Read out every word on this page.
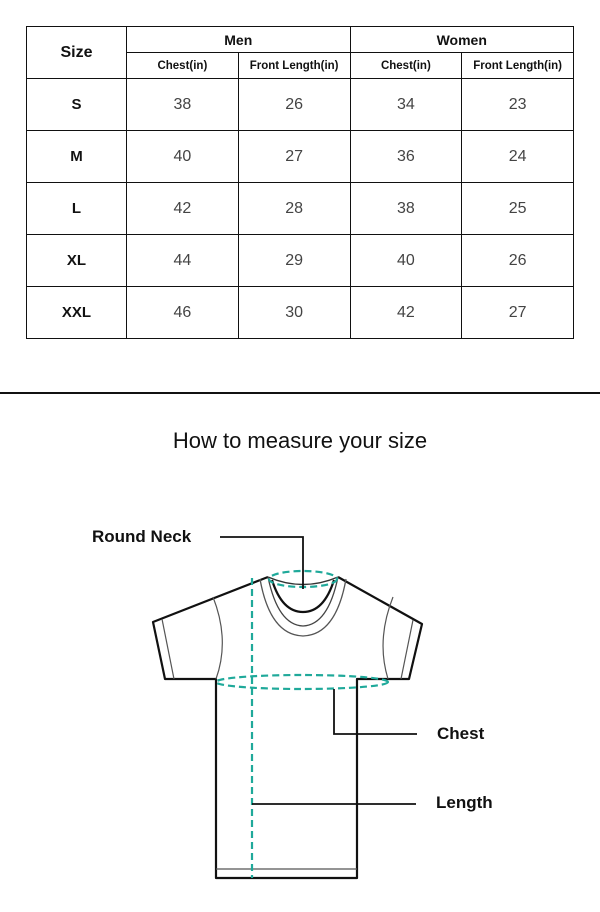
Size	Men		Women	
	Chest(in)	Front Length(in)	Chest(in)	Front Length(in)
S	38	26	34	23
M	40	27	36	24
L	42	28	38	25
XL	44	29	40	26
XXL	46	30	42	27
How to measure your size
Round Neck
Chest
Length
